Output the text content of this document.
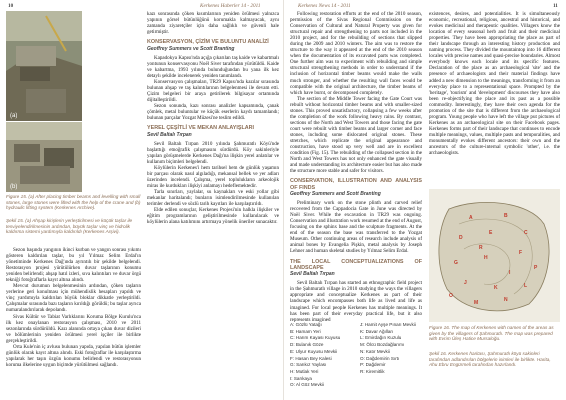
10	Kerkenes Haberler 14 - 2011	Kerkenes News 14 - 2011	11
(a)
(b)
Figure 15. (a) After placing timber beams and levelling with small stones, large stones were lifted with the help of the crane and (b) hydraulic lifting system (Kerkenes Archive).
Şekil 15. (a) Ahşap kirişlerin yerleştirilmesi ve küçük taşlar ile tesviyelendirilmesinin ardından, büyük taşlar vinç ve hidrolik kaldırma sistemi yardımıyla kaldırıldı (Kerkenes Arşivi).

Sezon başında yangının ikinci kurban ve yangın sonrası yıkımı gösteren kaldırılan taşlar, bu yıl Yılmaz Selim Erdal'ın yönetiminde Kerkenes Dağ'ında ayrıntılı bir şekilde belgelendi. Restorasyon projesi yürütülürken duvar taşlarının konumu yeniden belirlendi; ahşap hatıl izleri, sıva kalıntıları ve duvar örgü tekniği fotoğraflarla kayıt altına alındı.

Mevcut durumun belgelenmesinin ardından, çöken taşların yerlerine geri konulması için mühendislik hesapları yapıldı ve vinç yardımıyla kaldırılan büyük bloklar dikkatle yerleştirildi. Çalışmalar sırasında bazı taşların kırıldığı görüldü; bu taşlar ayrıca numaralandırılarak depolandı.

Sivas Kültür ve Tabiat Varlıklarını Koruma Bölge Kurulu'nca ilk kez onaylanan restorasyon çalışması, 2010 ve 2011 sezonlarında sürdürüldü. Kazı alanında ortaya çıkan duvar dizileri ve bölümlerinin yeniden örülmesi yerel işçiler ile birlikte gerçekleştirildi.

Orta Kule'nin iç avlusu bulunan yapıda, yapılan bütün işlemler günlük olarak kayıt altına alındı. Eski fotoğraflar ile karşılaştırma yapılarak her taşın özgün konumu belirlendi ve restorasyonun koruma ilkelerine uygun biçimde yürütülmesi sağlandı.

kazı sonrasında çöken kısımlarının yeniden örülmesi yalnızca yapının görsel bütünlüğünü korumakla kalmayacak, aynı zamanda ziyaretçiler için daha sağlıklı ve güvenli hale getirmiştir.

KONSERVASYON, ÇİZİM VE BULUNTU ANALİZİ
Geoffrey Summers ve Scott Branting

Kapadokya Kapısı'nda açığa çıkarılan taş kaide ve kabartmalı yontunun konservasyonu Noël Siver tarafından yürütüldü. Kaide ve kabartma, 1993 yılında bulunduğundan bu yana ilk kez detaylı şekilde incelenerek yeniden tanımlandı.

Konservasyon çalışmaları, TR29 Kapısı'nda kazılar sırasında bulunan ahşap ve taş kalıntılarının belgelenmesi ile devam etti. Çizim belgeleri bir araya getirilerek bilgisayar ortamında dijitalleştirildi.

Sezon sonunda, kazı sonrası analizler kapsamında, çanak çömlek, metal buluntular ve küçük eserlerin kaydı tamamlandı; bulunan parçalar Yozgat Müzesi'ne teslim edildi.

YEREL ÇEŞİTLİ VE MEKAN ANLAYIŞLARI
Sevil Baltalı Tırpan

Sevil Baltalı Tırpan 2010 yılında Şahmuratlı Köyü'nde başlattığı etnoğrafik çalışmasını sürdürdü. Köy sakinleriyle yapılan görüşmelerde Kerkenes Dağı'na ilişkin yerel anlatılar ve kullanım biçimleri belgelendi.

Köylülerin Kerkenes'i hem tarihsel hem de günlük yaşamın bir parçası olarak nasıl algıladığı, mekansal bellek ve yer adları üzerinden incelendi. Çalışma, yerel toplulukların arkeolojik miras ile kurdukları ilişkiyi anlamayı hedeflemektedir.

Tarla sınırları, yaylalar, su kaynakları ve eski yollar gibi mekanlar haritalandı; bunların isimlendirilmesinde kullanılan terimler derlendi ve sözlü tarih kayıtları ile karşılaştırıldı.

Elde edilen sonuçlar, Kerkenes Projesi'nin halkla ilişkiler ve eğitim programlarının geliştirilmesinde kullanılacak ve köylülerin alana katılımını artırmaya yönelik öneriler sunacaktır.

Following restoration efforts at the end of the 2010 season, permission of the Sivas Regional Commission on the Conservation of Cultural and Natural Property was given for structural repair and strengthening to parts not included in the 2010 project, and for the rebuilding of sections that slipped during the 2009 and 2010 winters. The aim was to restore the structure to the way it appeared at the end of the 2010 season when the documentation of its excavated parts was completed. One further aim was to experiment with rebuilding and simple structural strengthening methods in order to understand if the inclusion of horizontal timber beams would make the walls much stronger, and whether the resulting wall faces would be compatible with the original architecture, the timber beams of which have burnt, or decomposed completely.

The section of the Middle Tower facing the Gate Court was rebuilt without horizontal timber beams and with smaller-sized stones. This proved unsatisfactory, collapsing a few weeks after the completion of the work following heavy rains. By contrast, sections of the North and West Towers and those facing the gate court were rebuilt with timber beams and larger corner and face stones, including some dislocated original stones. These stretches, which replicate the original appearance and construction, have stood up very well and are in excellent condition (Fig. 15). The rebuilding of the collapsed section in the North and West Towers has not only enhanced the gate visually and made understanding its architecture easier but has also made the structure more stable and safer for visitors.

CONSERVATION, ILLUSTRATION AND ANALYSIS OF FINDS
Geoffrey Summers and Scott Branting

Preliminary work on the stone plinth and carved relief recovered from the Cappadocia Gate in June was directed by Noël Siver. While the excavation in TR29 was ongoing. Conservation and illustration work resumed at the end of August, focusing on the sphinx base and the sculpture fragments. At the end of the season the base was transferred to the Yozgat Museum. Other continuing areas of research include analysis of animal bones by Evangelia Pişkin, metal analysis by Joseph Lehner and human skeletal studies by Yılmaz Selim Erdal.

THE LOCAL CONCEPTUALIZATIONS OF LANDSCAPE
Sevil Baltalı Tırpan

Sevil Baltalı Tırpan has started an ethnographic field project in the Şahmuratlı village in 2010 studying the ways the villagers appropriate and conceptualize Kerkenes as part of their landscape which encompasses both life as lived and life as imagined. For local people Kerkenes has multiple meanings. It has been part of their everyday practical life, but it also represents imagined

existences, desires, and potentialities. It is simultaneously economic, recreational, religious, ancestral and historical, and evokes medicinal and therapeutic qualities. Villagers know the location of every seasonal herb and fruit and their medicinal properties. They have been appropriating the place as part of their landscape through an interesting history production and naming process. They divided the mountaintop into 16 different locales with precise names and quasi-precise boundaries. Almost everybody knows each locale and its specific features. Declaration of the place as an archaeological 'site' and the presence of archaeologists and their material findings have added a new dimension to the meanings, transforming it from an everyday place to a representational space. Prompted by the 'heritage', 'tourism' and 'development' discourses they have also been re-objectifying the place and its past as a possible commodity. Interestingly, they have their own agenda for the promotion of the site that is different from the archaeological program. Young people who have left the village put pictures of Kerkenes as an archaeological site on their Facebook pages. Kerkenes forms part of their landscape that continues to encode multiple meanings, values, multiple pasts and temporalities, and monumentally evokes different ancestors: their own and the ancestors of the culture-internal symbolic 'other', i.e. the archaeologists.

A	B
C
D
E
F
G
H
I
J
K	L
M	N
O
P
R
A: Gözlü Yatağı
B: Hamam Yeri
C: Harım Kayası Kuyusu
D: Bulanık Göze
E: Ulyur Kuyusu Mevkii
F: Hasan Bey Kalesi
G: Sarıkız Yaylası
H: Mutlak Yeri
I: Sarıkaya
O: Al Göz Mevkii
J: Hamit Ayşe Pınarı Mevkii
K: Davar Ağılları
L: Emirdağın Kuzulu
M: Ölcü Bozdağlarımı
N: Katır Mevkii
O: Dağdemirin Sırtı
P: Dağdemir
R: Kiremitlik
Figure 16. The map of Kerkenes with names of the areas as given by the villagers of Şahmuratlı. The map was prepared with Evrim Üleş Hatice Mursaloğu.
Şekil 16. Kerkenes haritası, Şahmuratlı köyü sakinleri tarafından adlandırılan bölgelerin isimleri ile birlikte. Harita, Ahu Ebru Engürmeli tarafından hazırlandı.
